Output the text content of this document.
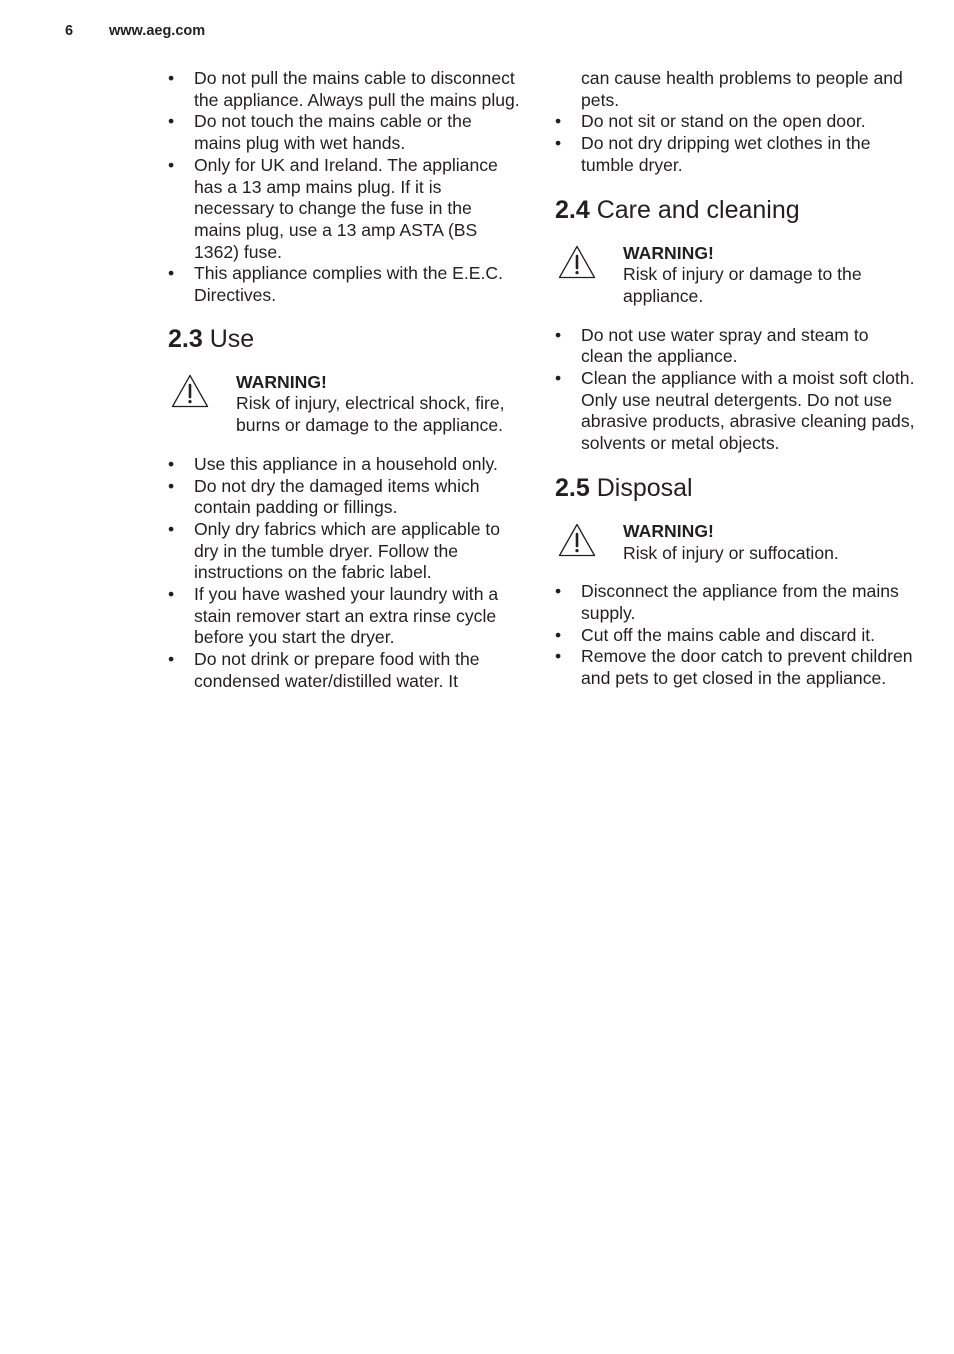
6 www.aeg.com
• Do not pull the mains cable to disconnect the appliance. Always pull the mains plug.
• Do not touch the mains cable or the mains plug with wet hands.
• Only for UK and Ireland. The appliance has a 13 amp mains plug. If it is necessary to change the fuse in the mains plug, use a 13 amp ASTA (BS 1362) fuse.
• This appliance complies with the E.E.C. Directives.
2.3 Use
WARNING!
Risk of injury, electrical shock, fire, burns or damage to the appliance.
• Use this appliance in a household only.
• Do not dry the damaged items which contain padding or fillings.
• Only dry fabrics which are applicable to dry in the tumble dryer. Follow the instructions on the fabric label.
• If you have washed your laundry with a stain remover start an extra rinse cycle before you start the dryer.
• Do not drink or prepare food with the condensed water/distilled water. It
can cause health problems to people and pets.
• Do not sit or stand on the open door.
• Do not dry dripping wet clothes in the tumble dryer.
2.4 Care and cleaning
WARNING!
Risk of injury or damage to the appliance.
• Do not use water spray and steam to clean the appliance.
• Clean the appliance with a moist soft cloth. Only use neutral detergents. Do not use abrasive products, abrasive cleaning pads, solvents or metal objects.
2.5 Disposal
WARNING!
Risk of injury or suffocation.
• Disconnect the appliance from the mains supply.
• Cut off the mains cable and discard it.
• Remove the door catch to prevent children and pets to get closed in the appliance.
